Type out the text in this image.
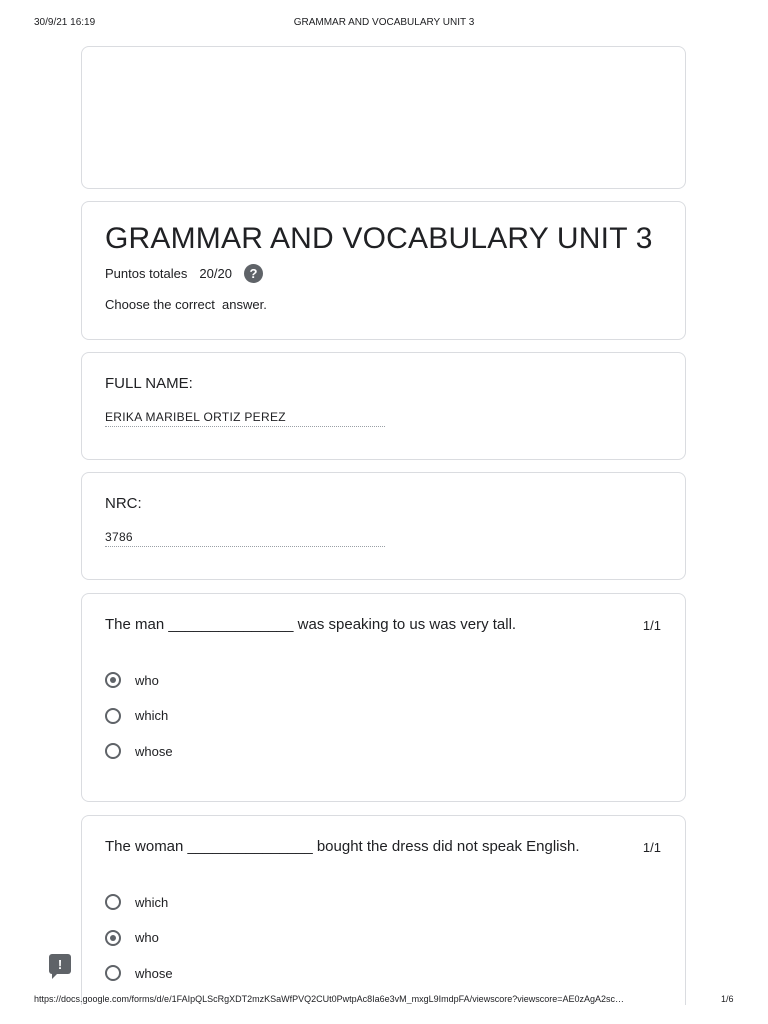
30/9/21 16:19	GRAMMAR AND VOCABULARY UNIT 3
GRAMMAR AND VOCABULARY UNIT 3
Puntos totales 20/20	?
Choose the correct  answer.
FULL NAME:
ERIKA MARIBEL ORTIZ PEREZ
NRC:
3786
The man _______________ was speaking to us was very tall.	1/1
who
which
whose
The woman _______________ bought the dress did not speak English.	1/1
which
who
whose
!
https://docs.google.com/forms/d/e/1FAIpQLScRgXDT2mzKSaWfPVQ2CUt0PwtpAc8Ia6e3vM_mxgL9ImdpFA/viewscore?viewscore=AE0zAgA2sc…	1/6
